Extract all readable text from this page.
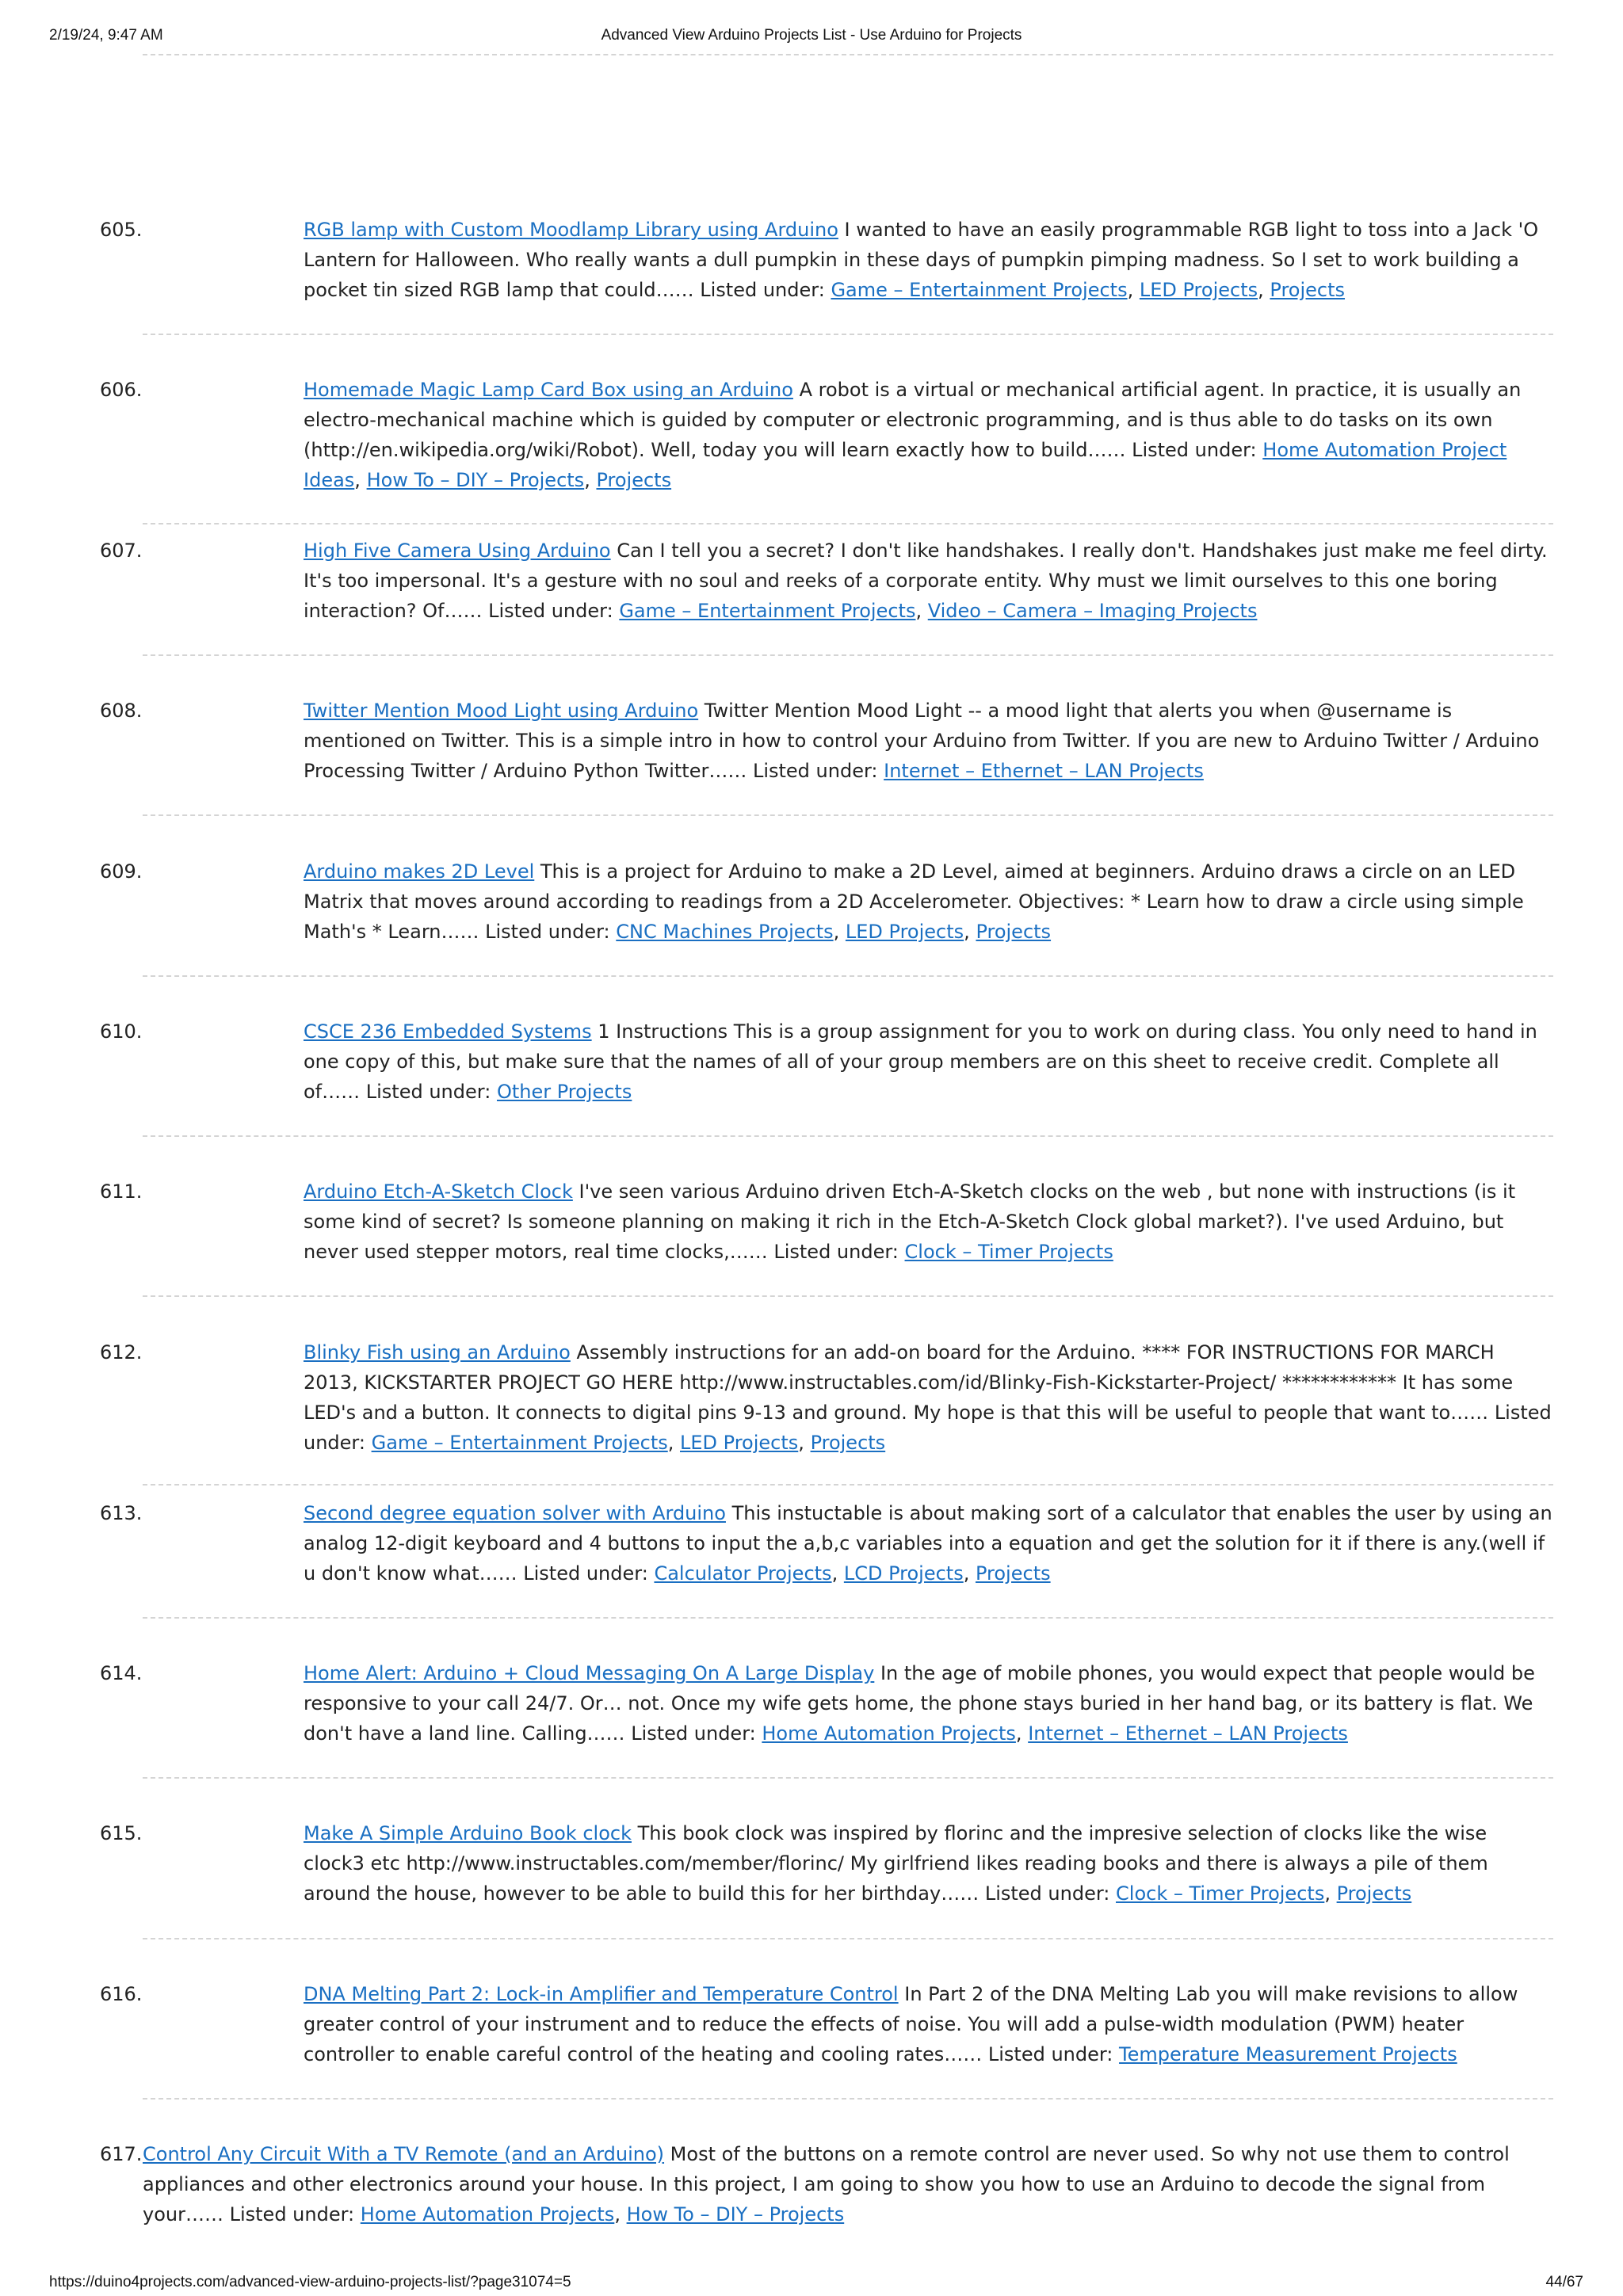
2/19/24, 9:47 AM	Advanced View Arduino Projects List - Use Arduino for Projects
605.	RGB lamp with Custom Moodlamp Library using Arduino I wanted to have an easily programmable RGB light to toss into a Jack 'O Lantern for Halloween. Who really wants a dull pumpkin in these days of pumpkin pimping madness. So I set to work building a pocket tin sized RGB lamp that could…… Listed under: Game – Entertainment Projects, LED Projects, Projects
606.	Homemade Magic Lamp Card Box using an Arduino A robot is a virtual or mechanical artificial agent. In practice, it is usually an electro-mechanical machine which is guided by computer or electronic programming, and is thus able to do tasks on its own (http://en.wikipedia.org/wiki/Robot). Well, today you will learn exactly how to build…… Listed under: Home Automation Project Ideas, How To – DIY – Projects, Projects
607.	High Five Camera Using Arduino Can I tell you a secret? I don't like handshakes. I really don't. Handshakes just make me feel dirty. It's too impersonal. It's a gesture with no soul and reeks of a corporate entity. Why must we limit ourselves to this one boring interaction? Of…… Listed under: Game – Entertainment Projects, Video – Camera – Imaging Projects
608.	Twitter Mention Mood Light using Arduino Twitter Mention Mood Light -- a mood light that alerts you when @username is mentioned on Twitter. This is a simple intro in how to control your Arduino from Twitter. If you are new to Arduino Twitter / Arduino Processing Twitter / Arduino Python Twitter…… Listed under: Internet – Ethernet – LAN Projects
609.	Arduino makes 2D Level This is a project for Arduino to make a 2D Level, aimed at beginners. Arduino draws a circle on an LED Matrix that moves around according to readings from a 2D Accelerometer. Objectives: * Learn how to draw a circle using simple Math's * Learn…… Listed under: CNC Machines Projects, LED Projects, Projects
610.	CSCE 236 Embedded Systems 1 Instructions This is a group assignment for you to work on during class. You only need to hand in one copy of this, but make sure that the names of all of your group members are on this sheet to receive credit. Complete all of…… Listed under: Other Projects
611.	Arduino Etch-A-Sketch Clock I've seen various Arduino driven Etch-A-Sketch clocks on the web , but none with instructions (is it some kind of secret? Is someone planning on making it rich in the Etch-A-Sketch Clock global market?). I've used Arduino, but never used stepper motors, real time clocks,…… Listed under: Clock – Timer Projects
612.	Blinky Fish using an Arduino Assembly instructions for an add-on board for the Arduino. **** FOR INSTRUCTIONS FOR MARCH 2013, KICKSTARTER PROJECT GO HERE http://www.instructables.com/id/Blinky-Fish-Kickstarter-Project/ ************ It has some LED's and a button. It connects to digital pins 9-13 and ground. My hope is that this will be useful to people that want to…… Listed under: Game – Entertainment Projects, LED Projects, Projects
613.	Second degree equation solver with Arduino This instuctable is about making sort of a calculator that enables the user by using an analog 12-digit keyboard and 4 buttons to input the a,b,c variables into a equation and get the solution for it if there is any.(well if u don't know what…… Listed under: Calculator Projects, LCD Projects, Projects
614.	Home Alert: Arduino + Cloud Messaging On A Large Display In the age of mobile phones, you would expect that people would be responsive to your call 24/7. Or… not. Once my wife gets home, the phone stays buried in her hand bag, or its battery is flat. We don't have a land line. Calling…… Listed under: Home Automation Projects, Internet – Ethernet – LAN Projects
615.	Make A Simple Arduino Book clock This book clock was inspired by florinc and the impresive selection of clocks like the wise clock3 etc http://www.instructables.com/member/florinc/ My girlfriend likes reading books and there is always a pile of them around the house, however to be able to build this for her birthday…… Listed under: Clock – Timer Projects, Projects
616.	DNA Melting Part 2: Lock-in Amplifier and Temperature Control In Part 2 of the DNA Melting Lab you will make revisions to allow greater control of your instrument and to reduce the effects of noise. You will add a pulse-width modulation (PWM) heater controller to enable careful control of the heating and cooling rates…… Listed under: Temperature Measurement Projects
617. Control Any Circuit With a TV Remote (and an Arduino) Most of the buttons on a remote control are never used. So why not use them to control appliances and other electronics around your house. In this project, I am going to show you how to use an Arduino to decode the signal from your…… Listed under: Home Automation Projects, How To – DIY – Projects
https://duino4projects.com/advanced-view-arduino-projects-list/?page31074=5	44/67
